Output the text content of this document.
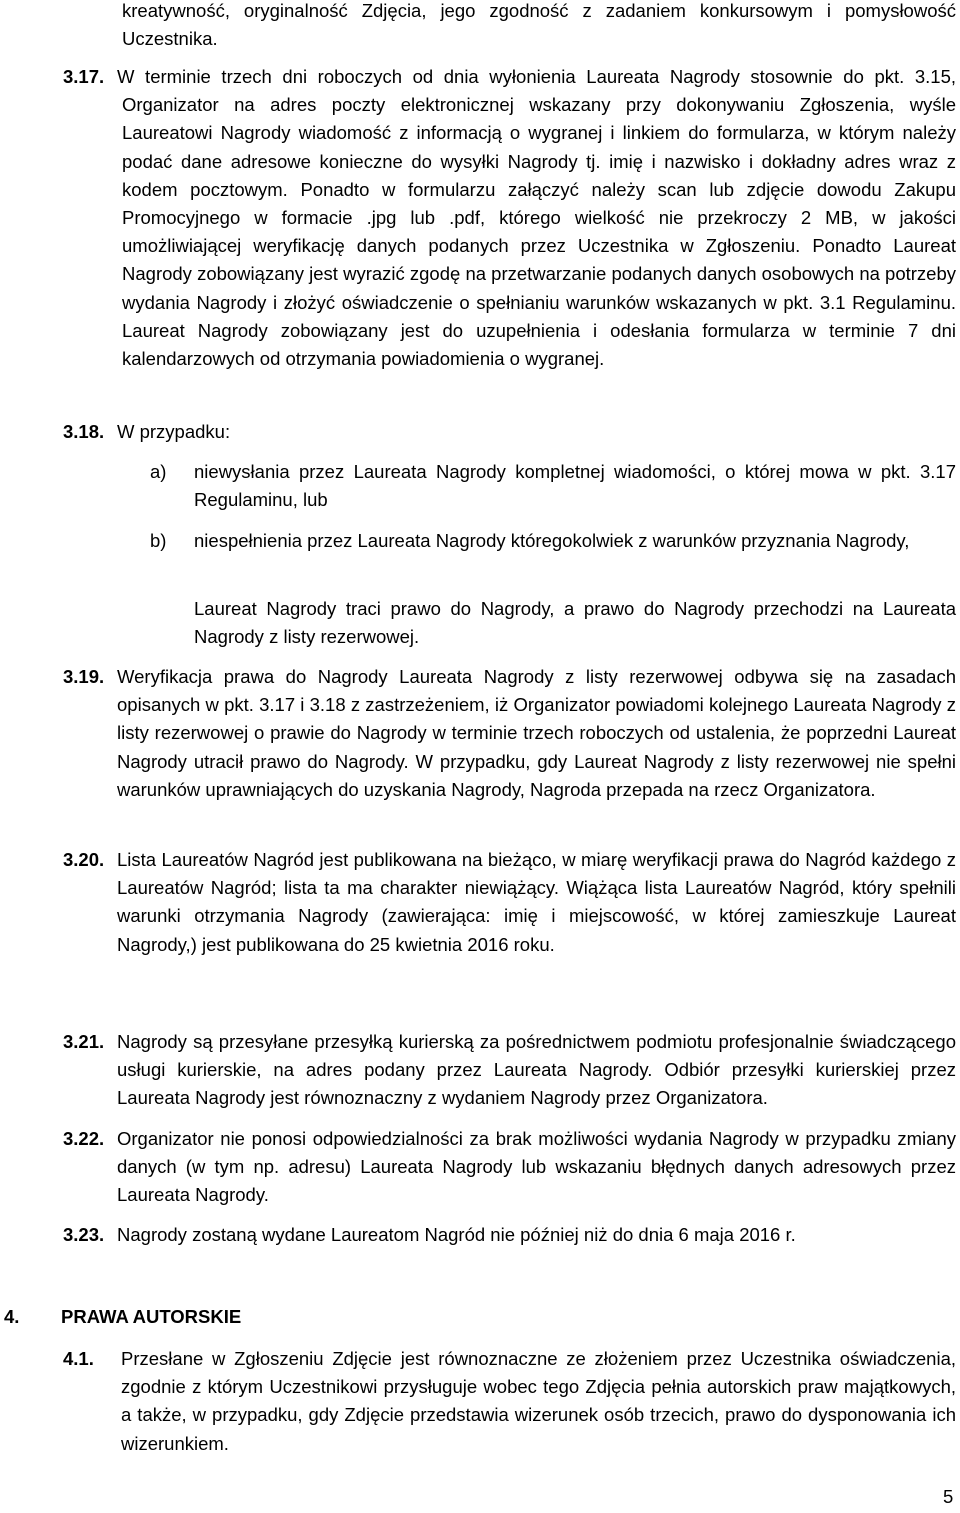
kreatywność, oryginalność Zdjęcia, jego zgodność z zadaniem konkursowym i pomysłowość Uczestnika.

3.17. W terminie trzech dni roboczych od dnia wyłonienia Laureata Nagrody stosownie do pkt. 3.15, Organizator na adres poczty elektronicznej wskazany przy dokonywaniu Zgłoszenia, wyśle Laureatowi Nagrody wiadomość z informacją o wygranej i linkiem do formularza, w którym należy podać dane adresowe konieczne do wysyłki Nagrody tj. imię i nazwisko i dokładny adres wraz z kodem pocztowym. Ponadto w formularzu załączyć należy scan lub zdjęcie dowodu Zakupu Promocyjnego w formacie .jpg lub .pdf, którego wielkość nie przekroczy 2 MB, w jakości umożliwiającej weryfikację danych podanych przez Uczestnika w Zgłoszeniu. Ponadto Laureat Nagrody zobowiązany jest wyrazić zgodę na przetwarzanie podanych danych osobowych na potrzeby wydania Nagrody i złożyć oświadczenie o spełnianiu warunków wskazanych w pkt. 3.1 Regulaminu. Laureat Nagrody zobowiązany jest do uzupełnienia i odesłania formularza w terminie 7 dni kalendarzowych od otrzymania powiadomienia o wygranej.

3.18. W przypadku:

a) niewysłania przez Laureata Nagrody kompletnej wiadomości, o której mowa w pkt. 3.17 Regulaminu, lub

b) niespełnienia przez Laureata Nagrody któregokolwiek z warunków przyznania Nagrody,

Laureat Nagrody traci prawo do Nagrody, a prawo do Nagrody przechodzi na Laureata Nagrody z listy rezerwowej.

3.19. Weryfikacja prawa do Nagrody Laureata Nagrody z listy rezerwowej odbywa się na zasadach opisanych w pkt. 3.17 i 3.18 z zastrzeżeniem, iż Organizator powiadomi kolejnego Laureata Nagrody z listy rezerwowej o prawie do Nagrody w terminie trzech roboczych od ustalenia, że poprzedni Laureat Nagrody utracił prawo do Nagrody. W przypadku, gdy Laureat Nagrody z listy rezerwowej nie spełni warunków uprawniających do uzyskania Nagrody, Nagroda przepada na rzecz Organizatora.

3.20. Lista Laureatów Nagród jest publikowana na bieżąco, w miarę weryfikacji prawa do Nagród każdego z Laureatów Nagród; lista ta ma charakter niewiążący. Wiążąca lista Laureatów Nagród, który spełnili warunki otrzymania Nagrody (zawierająca: imię i miejscowość, w której zamieszkuje Laureat Nagrody,) jest publikowana do 25 kwietnia 2016 roku.

3.21. Nagrody są przesyłane przesyłką kurierską za pośrednictwem podmiotu profesjonalnie świadczącego usługi kurierskie, na adres podany przez Laureata Nagrody. Odbiór przesyłki kurierskiej przez Laureata Nagrody jest równoznaczny z wydaniem Nagrody przez Organizatora.

3.22. Organizator nie ponosi odpowiedzialności za brak możliwości wydania Nagrody w przypadku zmiany danych (w tym np. adresu) Laureata Nagrody lub wskazaniu błędnych danych adresowych przez Laureata Nagrody.

3.23. Nagrody zostaną wydane Laureatom Nagród nie później niż do dnia 6 maja 2016 r.

4. PRAWA AUTORSKIE

4.1. Przesłane w Zgłoszeniu Zdjęcie jest równoznaczne ze złożeniem przez Uczestnika oświadczenia, zgodnie z którym Uczestnikowi przysługuje wobec tego Zdjęcia pełnia autorskich praw majątkowych, a także, w przypadku, gdy Zdjęcie przedstawia wizerunek osób trzecich, prawo do dysponowania ich wizerunkiem.

5
